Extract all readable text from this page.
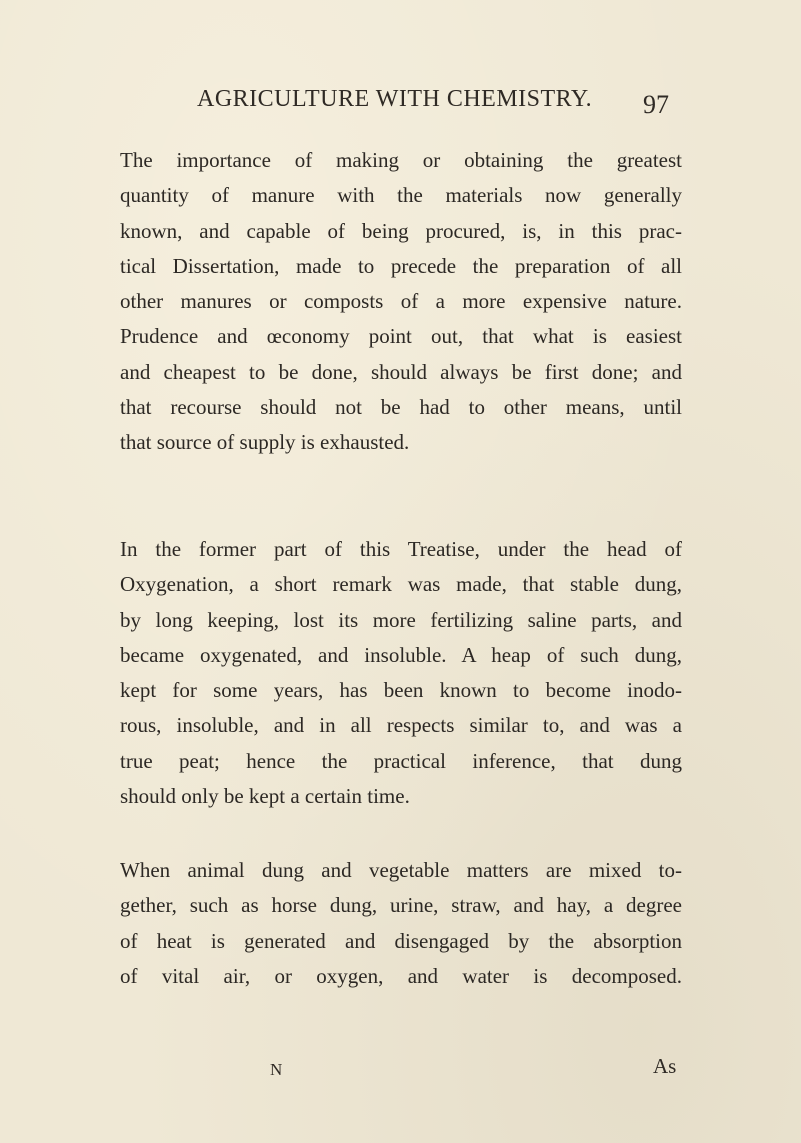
AGRICULTURE WITH CHEMISTRY. 97
The importance of making or obtaining the greatest
quantity of manure with the materials now generally
known, and capable of being procured, is, in this prac-
tical Dissertation, made to precede the preparation of all
other manures or composts of a more expensive nature.
Prudence and œconomy point out, that what is easiest
and cheapest to be done, should always be first done; and
that recourse should not be had to other means, until
that source of supply is exhausted.
In the former part of this Treatise, under the head of
Oxygenation, a short remark was made, that stable dung,
by long keeping, lost its more fertilizing saline parts, and
became oxygenated, and insoluble. A heap of such dung,
kept for some years, has been known to become inodo-
rous, insoluble, and in all respects similar to, and was a
true peat; hence the practical inference, that dung
should only be kept a certain time.
When animal dung and vegetable matters are mixed to-
gether, such as horse dung, urine, straw, and hay, a degree
of heat is generated and disengaged by the absorption
of vital air, or oxygen, and water is decomposed.
N	As
